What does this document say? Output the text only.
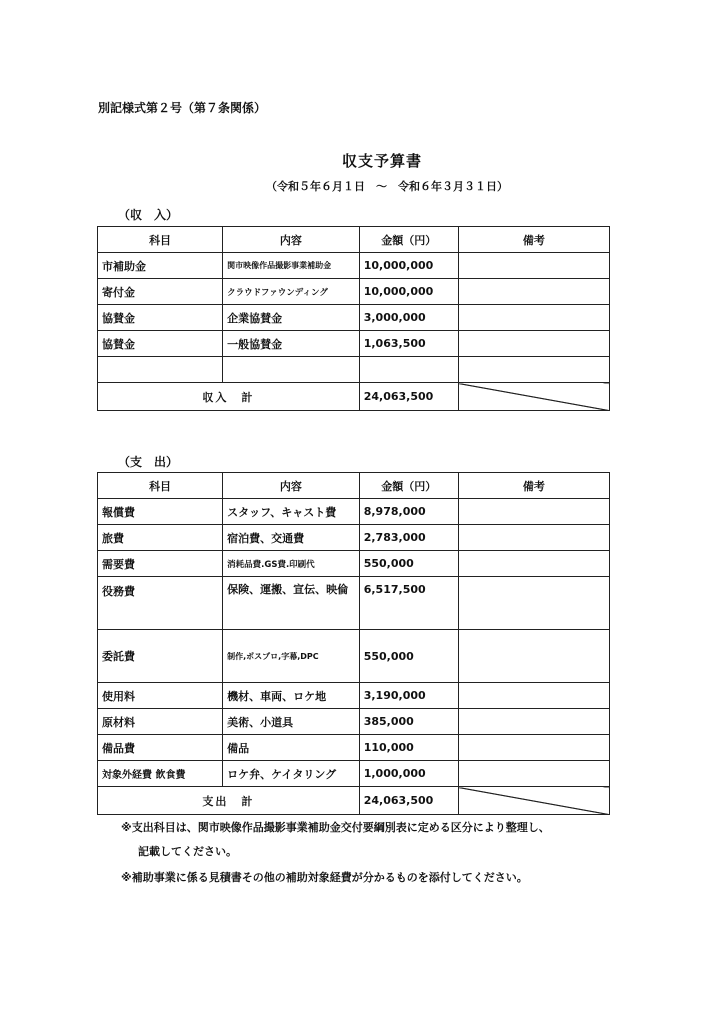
別記様式第２号（第７条関係）
収支予算書
（令和５年６月１日　～　令和６年３月３１日）
（収　入）
科目	内容	金額（円）	備考
市補助金	関市映像作品撮影事業補助金	10,000,000	
寄付金	クラウドファウンディング	10,000,000	
協賛金	企業協賛金	3,000,000	
協賛金	一般協賛金	1,063,500	

収入　計		24,063,500	
（支　出）
科目	内容	金額（円）	備考
報償費	スタッフ、キャスト費	8,978,000	
旅費	宿泊費、交通費	2,783,000	
需要費	消耗品費.GS費.印刷代	550,000	
役務費	保険、運搬、宣伝、映倫	6,517,500	
委託費	制作,ポスプロ,字幕,DPC	550,000	
使用料	機材、車両、ロケ地	3,190,000	
原材料	美術、小道具	385,000	
備品費	備品	110,000	
対象外経費 飲食費	ロケ弁、ケイタリング	1,000,000	
支出　計		24,063,500	
※支出科目は、関市映像作品撮影事業補助金交付要綱別表に定める区分により整理し、
記載してください。
※補助事業に係る見積書その他の補助対象経費が分かるものを添付してください。
